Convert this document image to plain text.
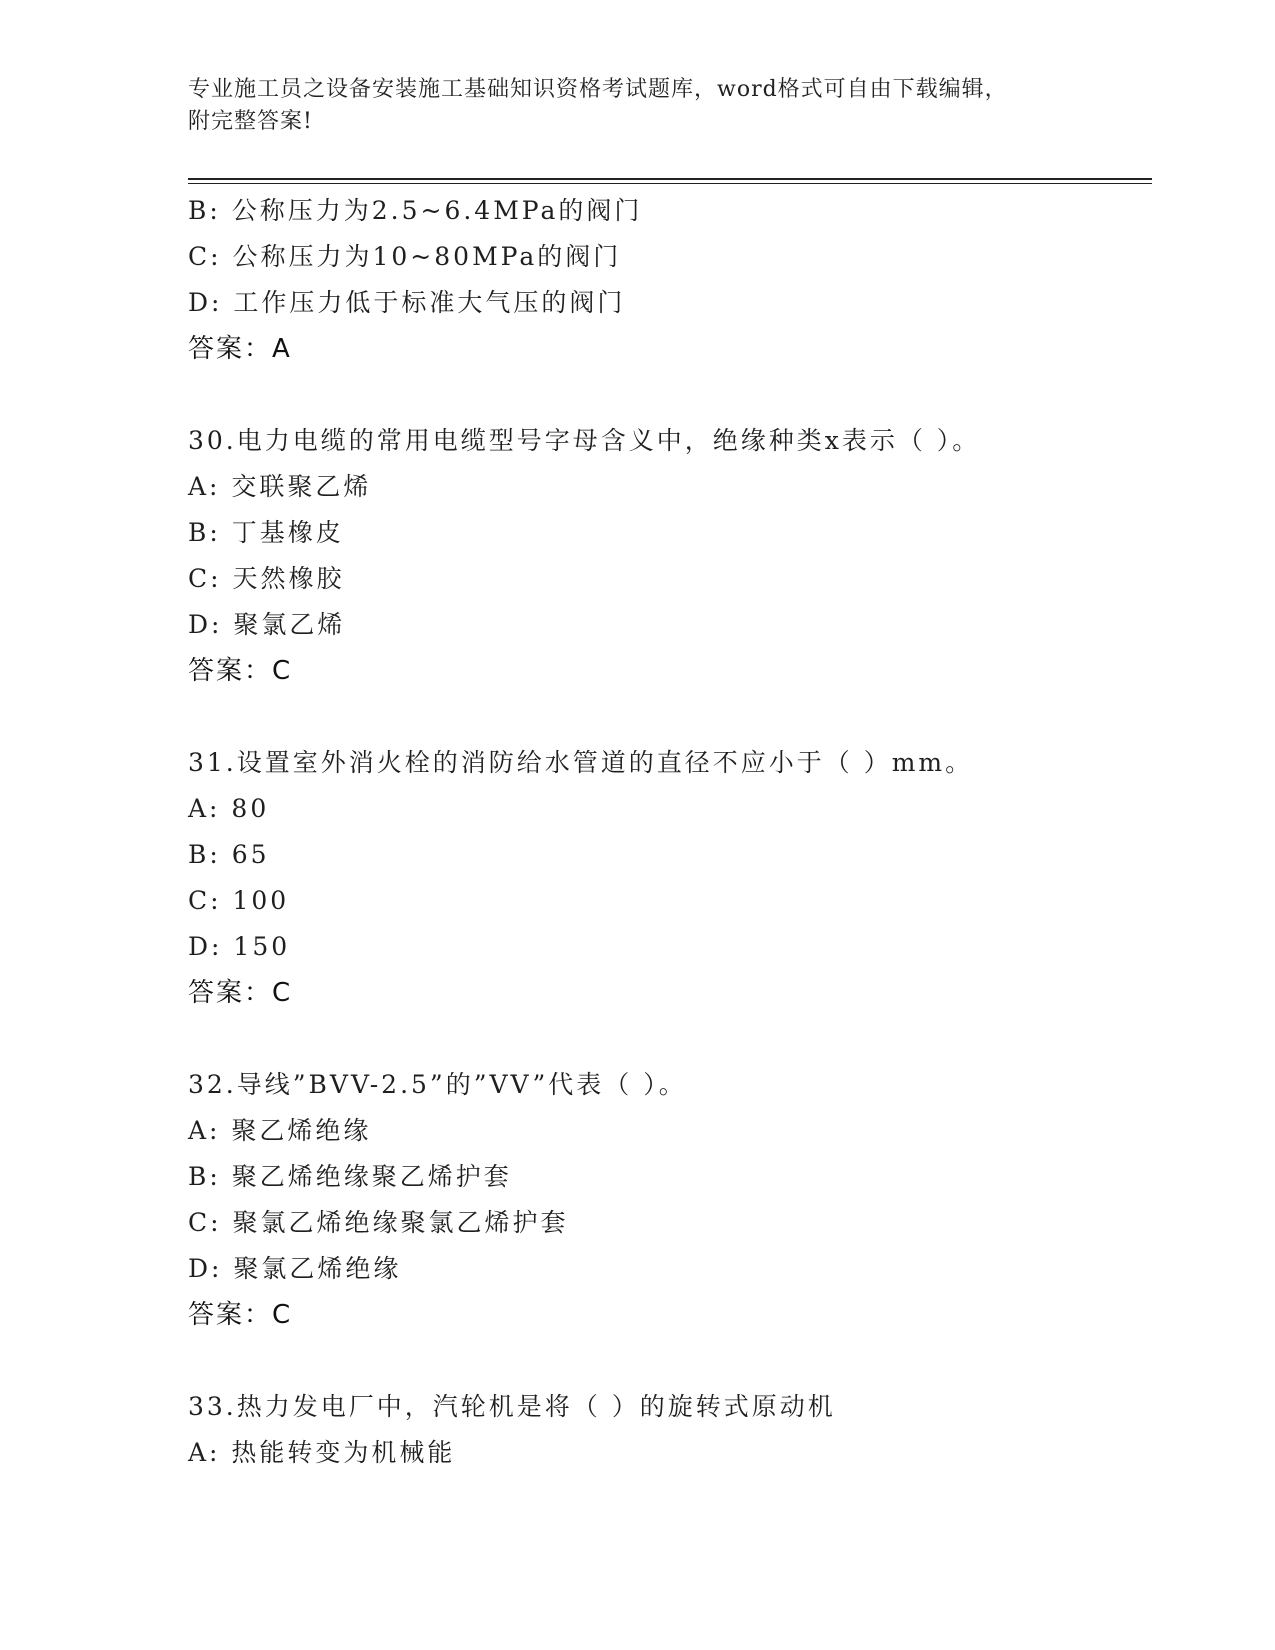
专业施工员之设备安装施工基础知识资格考试题库，word格式可自由下载编辑，
附完整答案!
B: 公称压力为2.5~6.4MPa的阀门
C: 公称压力为10~80MPa的阀门
D: 工作压力低于标准大气压的阀门
答案：A
30.电力电缆的常用电缆型号字母含义中，绝缘种类x表示（ ）。
A: 交联聚乙烯
B: 丁基橡皮
C: 天然橡胶
D: 聚氯乙烯
答案：C
31.设置室外消火栓的消防给水管道的直径不应小于（ ）mm。
A: 80
B: 65
C: 100
D: 150
答案：C
32.导线”BVV-2.5”的”VV”代表（ ）。
A: 聚乙烯绝缘
B: 聚乙烯绝缘聚乙烯护套
C: 聚氯乙烯绝缘聚氯乙烯护套
D: 聚氯乙烯绝缘
答案：C
33.热力发电厂中，汽轮机是将（ ）的旋转式原动机
A: 热能转变为机械能
